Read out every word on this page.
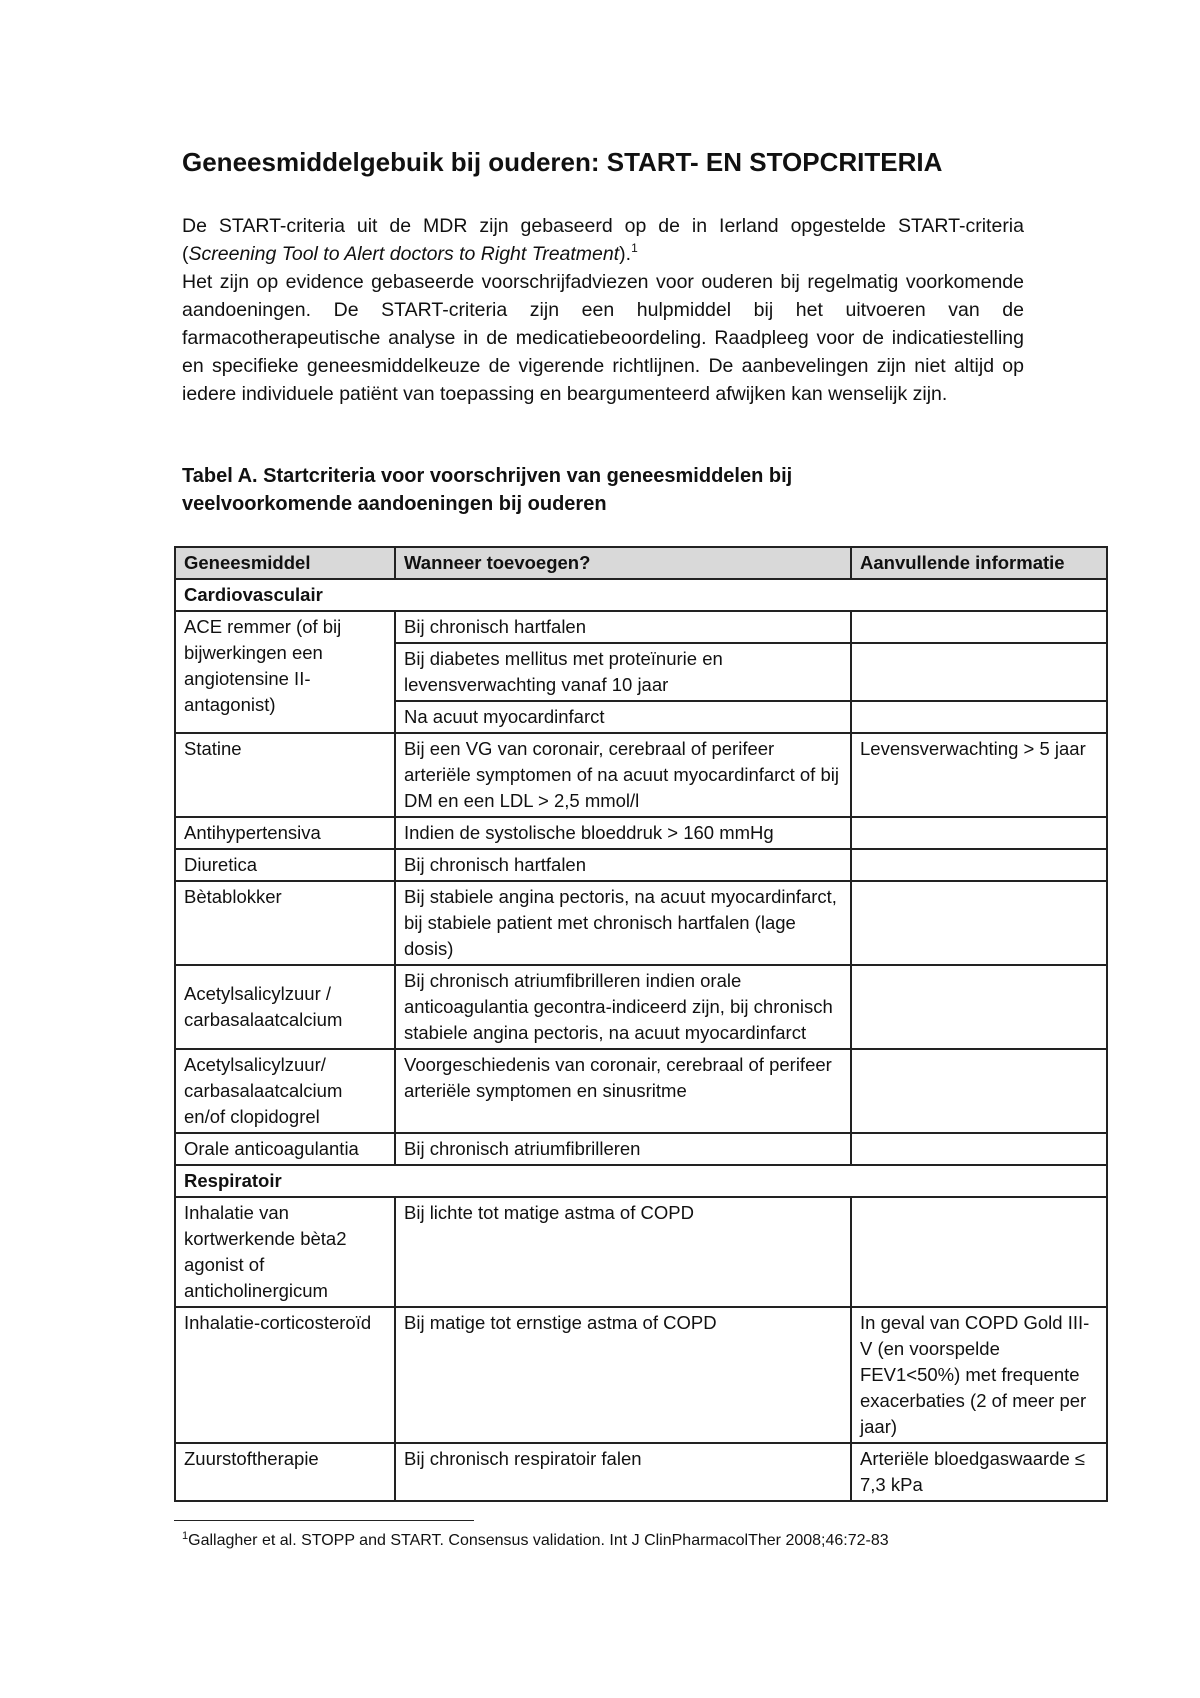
Geneesmiddelgebuik bij ouderen: START- EN STOPCRITERIA

De START-criteria uit de MDR zijn gebaseerd op de in Ierland opgestelde START-criteria (Screening Tool to Alert doctors to Right Treatment).$^1$

Het zijn op evidence gebaseerde voorschrijfadviezen voor ouderen bij regelmatig voorkomende aandoeningen. De START-criteria zijn een hulpmiddel bij het uitvoeren van de farmacotherapeutische analyse in de medicatiebeoordeling. Raadpleeg voor de indicatiestelling en specifieke geneesmiddelkeuze de vigerende richtlijnen. De aanbevelingen zijn niet altijd op iedere individuele patiënt van toepassing en beargumenteerd afwijken kan wenselijk zijn.

Tabel A. Startcriteria voor voorschrijven van geneesmiddelen bij
veelvoorkomende aandoeningen bij ouderen
Geneesmiddel	Wanneer toevoegen?	Aanvullende informatie
Cardiovasculair		
ACE remmer (of bij bijwerkingen een angiotensine II-antagonist)	Bij chronisch hartfalen	
	Bij diabetes mellitus met proteïnurie en levensverwachting vanaf 10 jaar	
	Na acuut myocardinfarct	
Statine	Bij een VG van coronair, cerebraal of perifeer arteriële symptomen of na acuut myocardinfarct of bij DM en een LDL > 2,5 mmol/l	Levensverwachting > 5 jaar
Antihypertensiva	Indien de systolische bloeddruk > 160 mmHg	
Diuretica	Bij chronisch hartfalen	
Bètablokker	Bij stabiele angina pectoris, na acuut myocardinfarct, bij stabiele patient met chronisch hartfalen (lage dosis)	
Acetylsalicylzuur / carbasalaatcalcium	Bij chronisch atriumfibrilleren indien orale anticoagulantia gecontra-indiceerd zijn, bij chronisch stabiele angina pectoris, na acuut myocardinfarct	
Acetylsalicylzuur/ carbasalaatcalcium en/of clopidogrel	Voorgeschiedenis van coronair, cerebraal of perifeer arteriële symptomen en sinusritme	
Orale anticoagulantia	Bij chronisch atriumfibrilleren	
Respiratoir		
Inhalatie van kortwerkende bèta2 agonist of anticholinergicum	Bij lichte tot matige astma of COPD	
Inhalatie-corticosteroïd	Bij matige tot ernstige astma of COPD	In geval van COPD Gold III-V (en voorspelde FEV1<50%) met frequente exacerbaties (2 of meer per jaar)
Zuurstoftherapie	Bij chronisch respiratoir falen	Arteriële bloedgaswaarde ≤ 7,3 kPa

$^1$Gallagher et al. STOPP and START. Consensus validation. Int J ClinPharmacolTher 2008;46:72-83
